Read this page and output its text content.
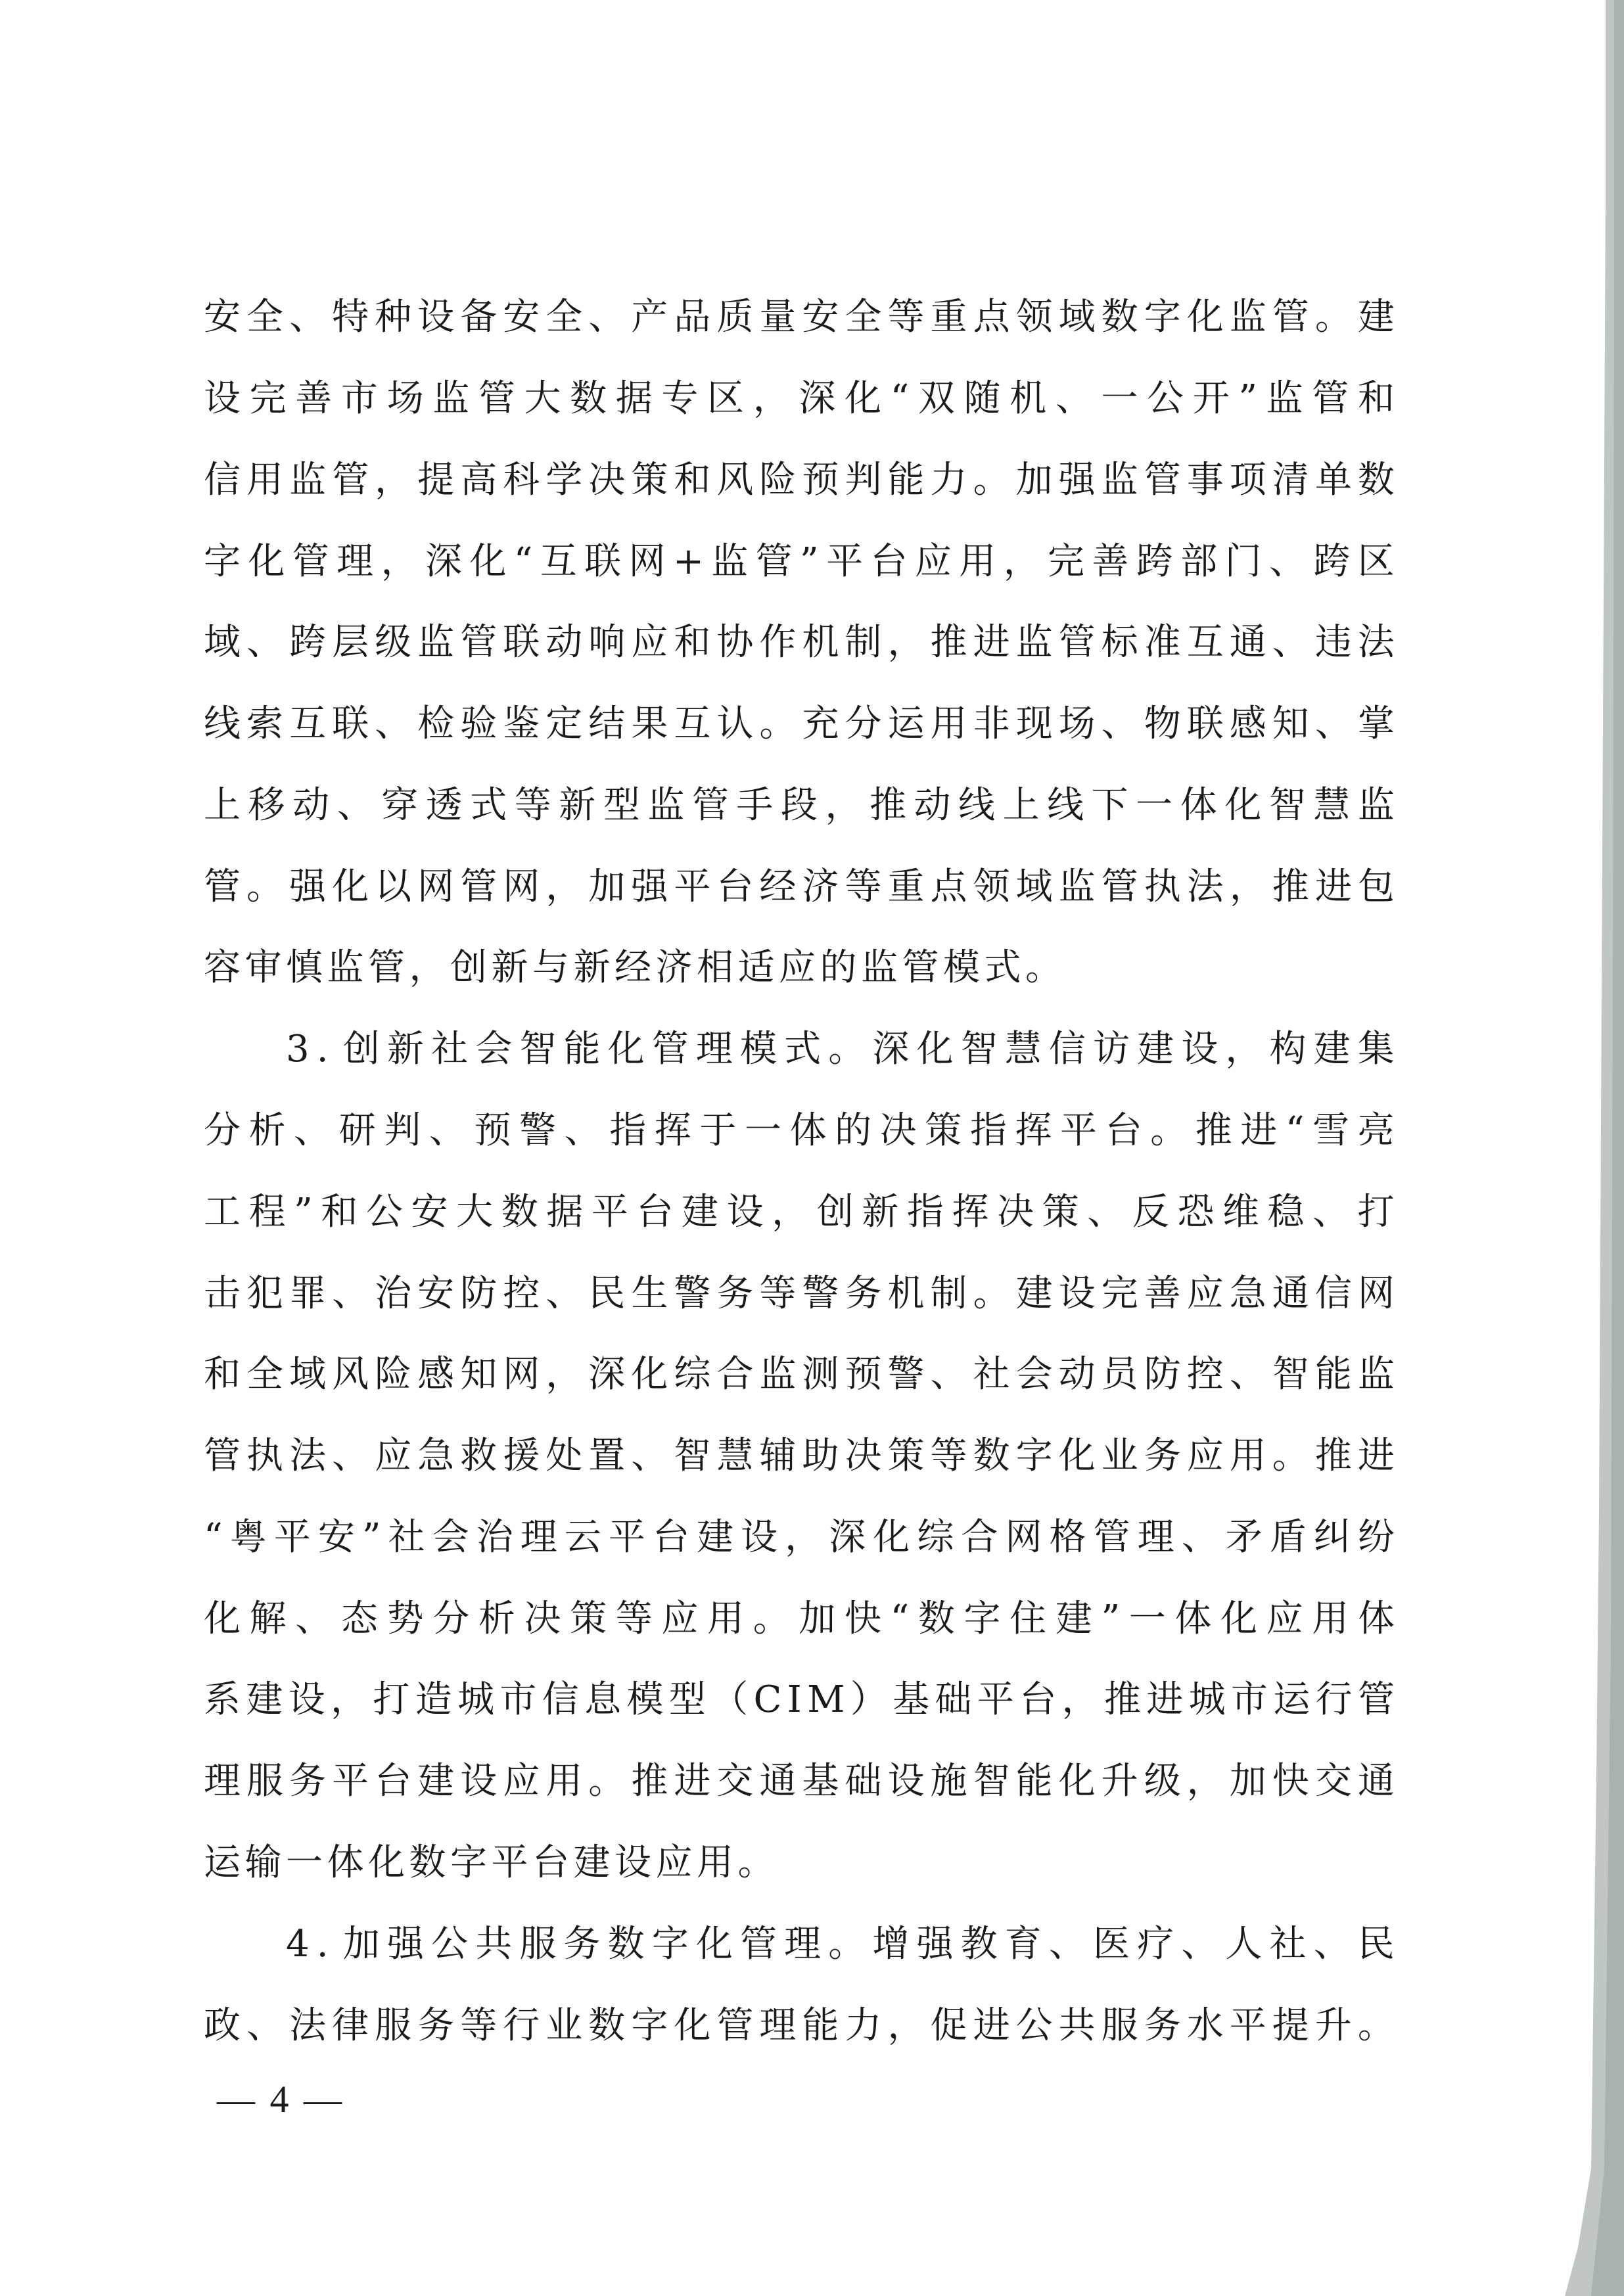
安 全 、 特 种 设 备 安 全 、 产 品 质 量 安 全 等 重 点 领 域 数 字 化 监 管 。 建
设 完 善 市 场 监 管 大 数 据 专 区 ， 深 化 “ 双 随 机 、 一 公 开 ” 监 管 和
信 用 监 管 ， 提 高 科 学 决 策 和 风 险 预 判 能 力 。 加 强 监 管 事 项 清 单 数
字 化 管 理 ， 深 化 “ 互 联 网 + 监 管 ” 平 台 应 用 ， 完 善 跨 部 门 、 跨 区
域 、 跨 层 级 监 管 联 动 响 应 和 协 作 机 制 ， 推 进 监 管 标 准 互 通 、 违 法
线 索 互 联 、 检 验 鉴 定 结 果 互 认 。 充 分 运 用 非 现 场 、 物 联 感 知 、 掌
上 移 动 、 穿 透 式 等 新 型 监 管 手 段 ， 推 动 线 上 线 下 一 体 化 智 慧 监
管 。 强 化 以 网 管 网 ， 加 强 平 台 经 济 等 重 点 领 域 监 管 执 法 ， 推 进 包
容审慎监管，创新与新经济相适应的监管模式。
3 . 创 新 社 会 智 能 化 管 理 模 式 。 深 化 智 慧 信 访 建 设 ， 构 建 集
分 析 、 研 判 、 预 警 、 指 挥 于 一 体 的 决 策 指 挥 平 台 。 推 进 “ 雪 亮
工 程 ” 和 公 安 大 数 据 平 台 建 设 ， 创 新 指 挥 决 策 、 反 恐 维 稳 、 打
击 犯 罪 、 治 安 防 控 、 民 生 警 务 等 警 务 机 制 。 建 设 完 善 应 急 通 信 网
和 全 域 风 险 感 知 网 ， 深 化 综 合 监 测 预 警 、 社 会 动 员 防 控 、 智 能 监
管 执 法 、 应 急 救 援 处 置 、 智 慧 辅 助 决 策 等 数 字 化 业 务 应 用 。 推 进
“ 粤 平 安 ” 社 会 治 理 云 平 台 建 设 ， 深 化 综 合 网 格 管 理 、 矛 盾 纠 纷
化 解 、 态 势 分 析 决 策 等 应 用 。 加 快 “ 数 字 住 建 ” 一 体 化 应 用 体
系 建 设 ， 打 造 城 市 信 息 模 型 （ C I M ） 基 础 平 台 ， 推 进 城 市 运 行 管
理 服 务 平 台 建 设 应 用 。 推 进 交 通 基 础 设 施 智 能 化 升 级 ， 加 快 交 通
运输一体化数字平台建设应用。
4 . 加 强 公 共 服 务 数 字 化 管 理 。 增 强 教 育 、 医 疗 、 人 社 、 民
政 、 法 律 服 务 等 行 业 数 字 化 管 理 能 力 ， 促 进 公 共 服 务 水 平 提 升 。
— 4 —
